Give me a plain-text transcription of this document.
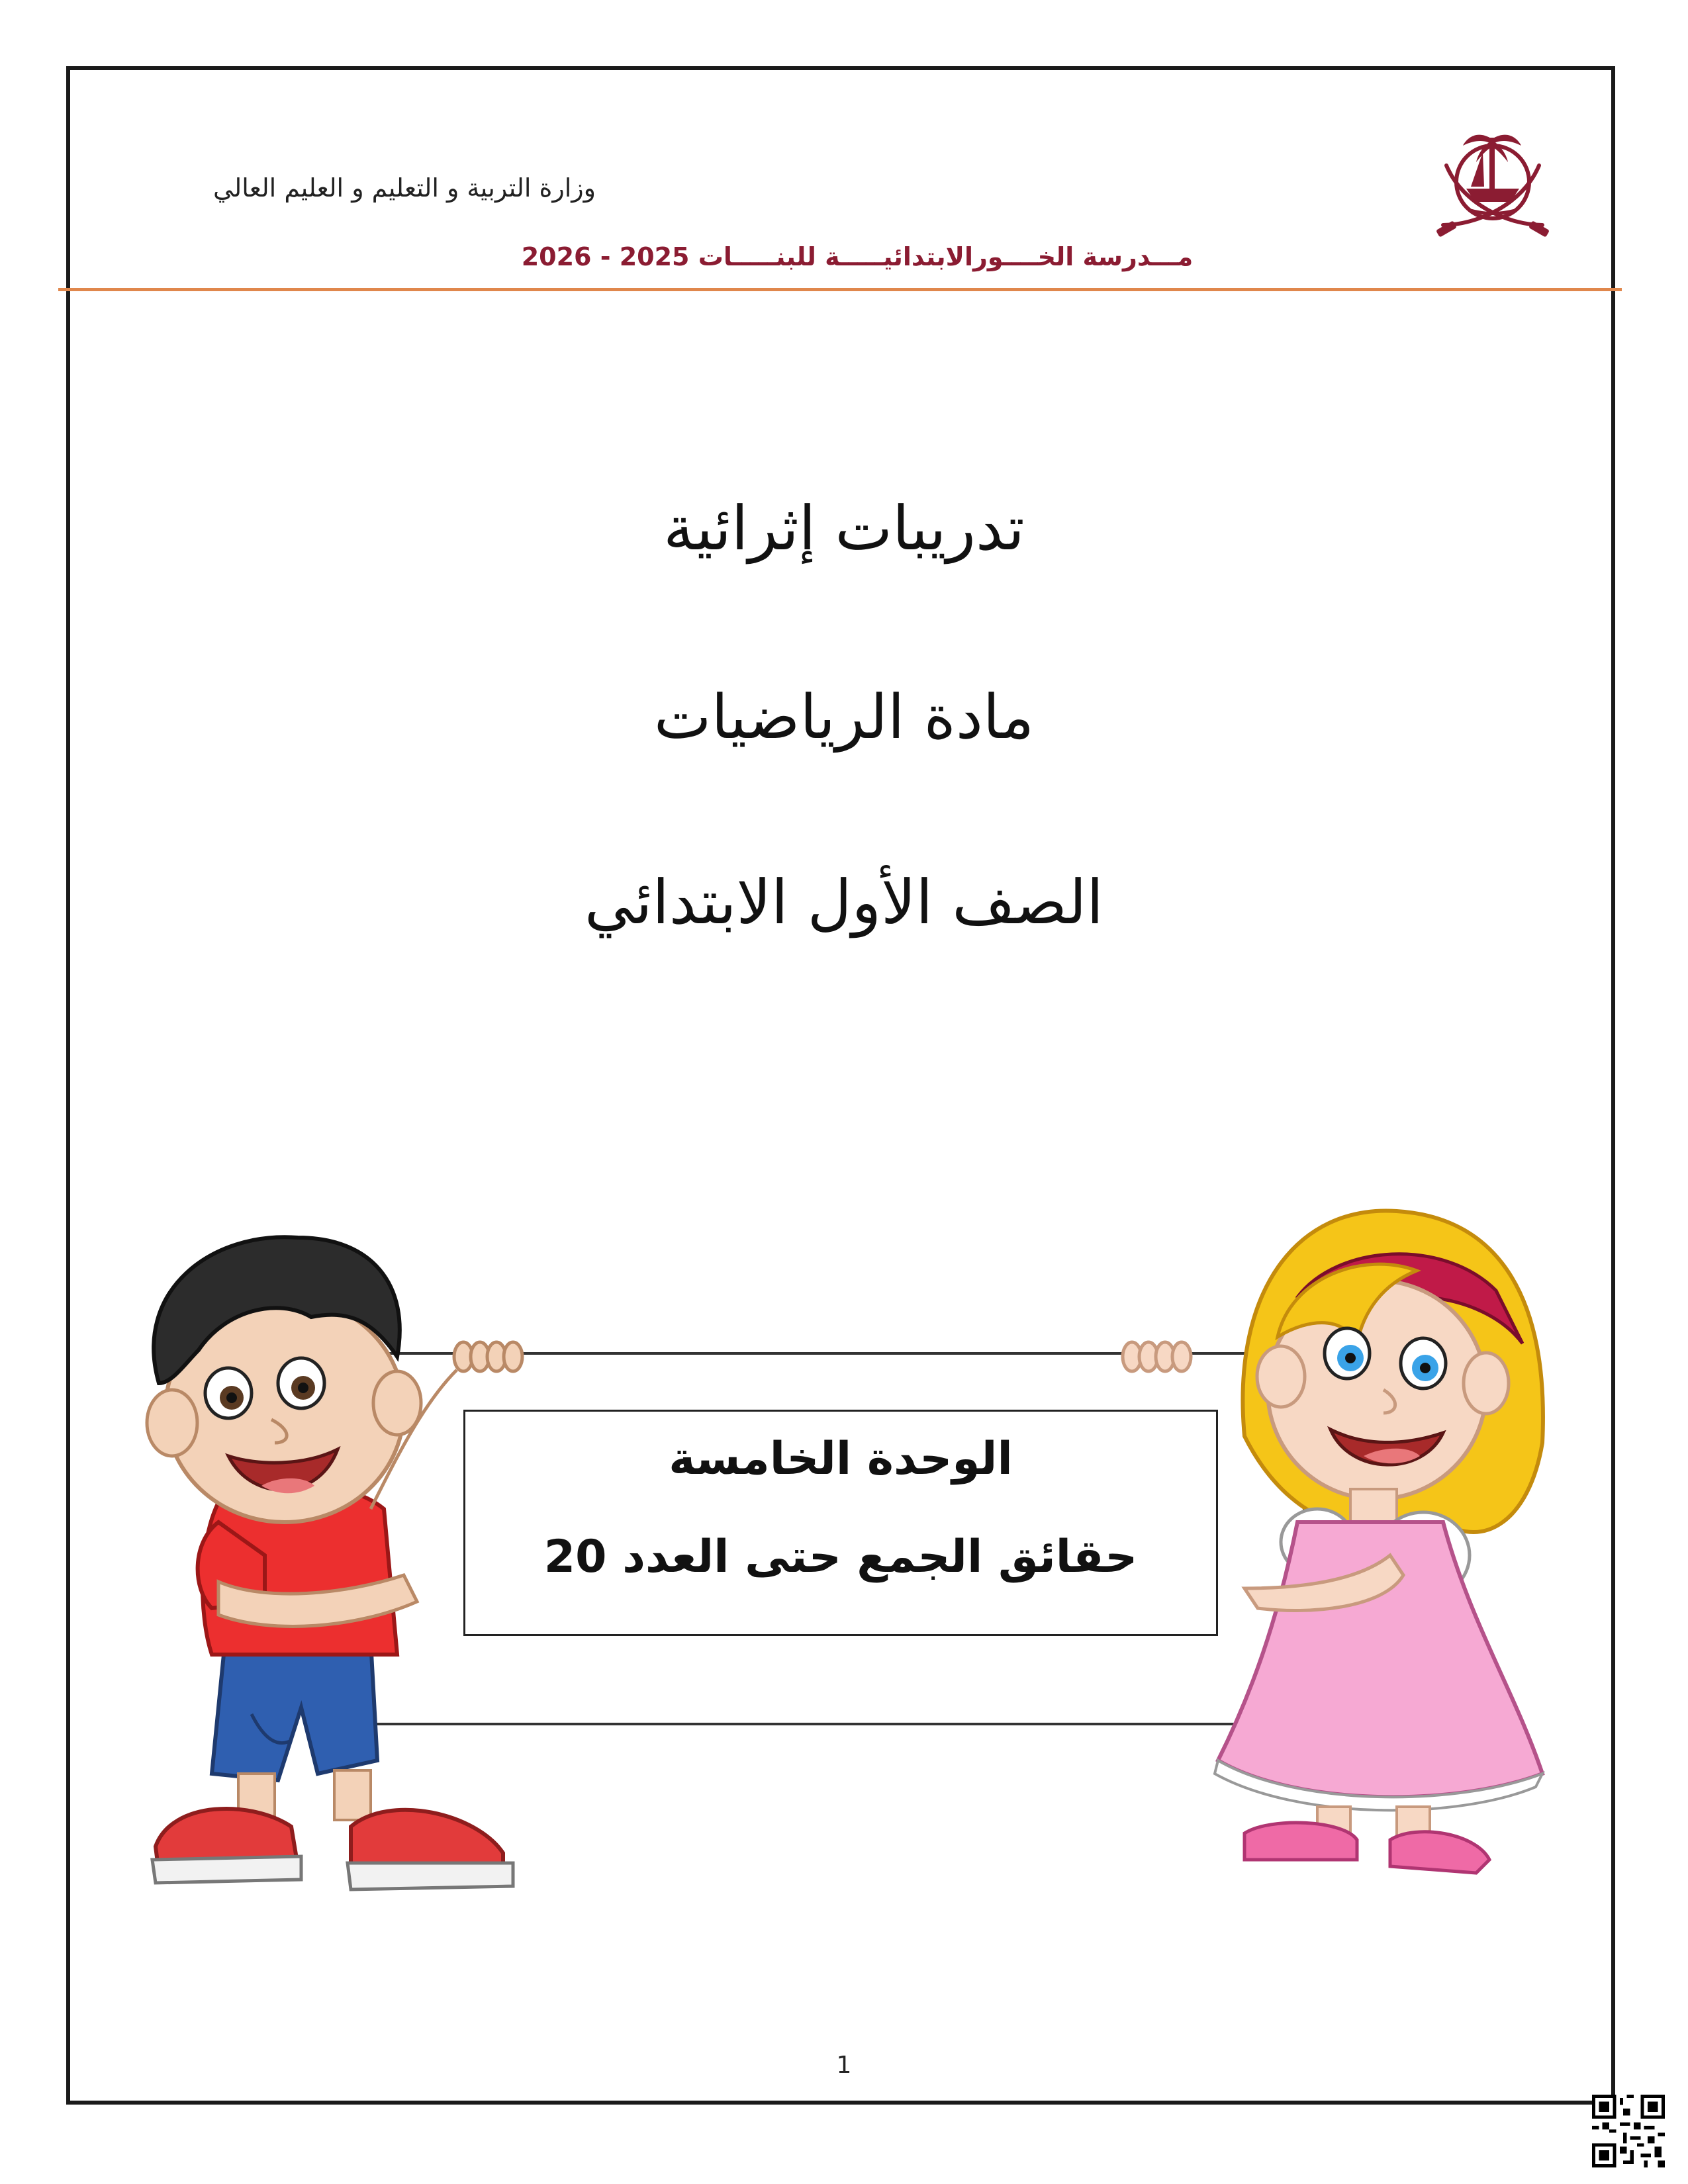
وزارة التربية و التعليم و العليم العالي
مـــدرسة الخــــورالابتدائيـــــة للبنـــــات 2025 - 2026
تدريبات إثرائية
مادة الرياضيات
الصف الأول الابتدائي
الوحدة الخامسة
حقائق الجمع حتى العدد 20
1
